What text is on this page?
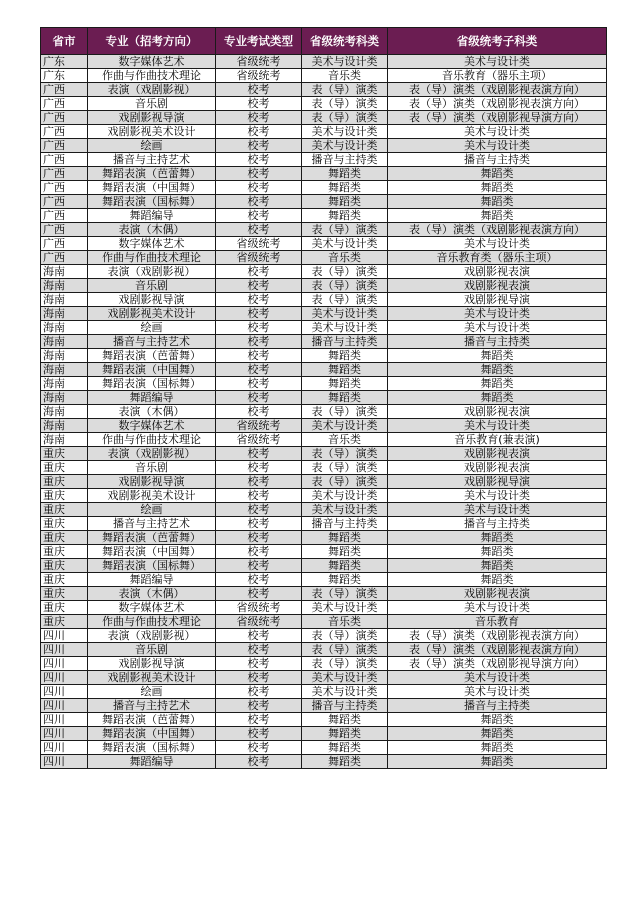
省市	专业（招考方向）	专业考试类型	省级统考科类	省级统考子科类
广东	数字媒体艺术	省级统考	美术与设计类	美术与设计类
广东	作曲与作曲技术理论	省级统考	音乐类	音乐教育（器乐主项）
广西	表演（戏剧影视）	校考	表（导）演类	表（导）演类（戏剧影视表演方向）
广西	音乐剧	校考	表（导）演类	表（导）演类（戏剧影视表演方向）
广西	戏剧影视导演	校考	表（导）演类	表（导）演类（戏剧影视导演方向）
广西	戏剧影视美术设计	校考	美术与设计类	美术与设计类
广西	绘画	校考	美术与设计类	美术与设计类
广西	播音与主持艺术	校考	播音与主持类	播音与主持类
广西	舞蹈表演（芭蕾舞）	校考	舞蹈类	舞蹈类
广西	舞蹈表演（中国舞）	校考	舞蹈类	舞蹈类
广西	舞蹈表演（国标舞）	校考	舞蹈类	舞蹈类
广西	舞蹈编导	校考	舞蹈类	舞蹈类
广西	表演（木偶）	校考	表（导）演类	表（导）演类（戏剧影视表演方向）
广西	数字媒体艺术	省级统考	美术与设计类	美术与设计类
广西	作曲与作曲技术理论	省级统考	音乐类	音乐教育类（器乐主项）
海南	表演（戏剧影视）	校考	表（导）演类	戏剧影视表演
海南	音乐剧	校考	表（导）演类	戏剧影视表演
海南	戏剧影视导演	校考	表（导）演类	戏剧影视导演
海南	戏剧影视美术设计	校考	美术与设计类	美术与设计类
海南	绘画	校考	美术与设计类	美术与设计类
海南	播音与主持艺术	校考	播音与主持类	播音与主持类
海南	舞蹈表演（芭蕾舞）	校考	舞蹈类	舞蹈类
海南	舞蹈表演（中国舞）	校考	舞蹈类	舞蹈类
海南	舞蹈表演（国标舞）	校考	舞蹈类	舞蹈类
海南	舞蹈编导	校考	舞蹈类	舞蹈类
海南	表演（木偶）	校考	表（导）演类	戏剧影视表演
海南	数字媒体艺术	省级统考	美术与设计类	美术与设计类
海南	作曲与作曲技术理论	省级统考	音乐类	音乐教育(兼表演)
重庆	表演（戏剧影视）	校考	表（导）演类	戏剧影视表演
重庆	音乐剧	校考	表（导）演类	戏剧影视表演
重庆	戏剧影视导演	校考	表（导）演类	戏剧影视导演
重庆	戏剧影视美术设计	校考	美术与设计类	美术与设计类
重庆	绘画	校考	美术与设计类	美术与设计类
重庆	播音与主持艺术	校考	播音与主持类	播音与主持类
重庆	舞蹈表演（芭蕾舞）	校考	舞蹈类	舞蹈类
重庆	舞蹈表演（中国舞）	校考	舞蹈类	舞蹈类
重庆	舞蹈表演（国标舞）	校考	舞蹈类	舞蹈类
重庆	舞蹈编导	校考	舞蹈类	舞蹈类
重庆	表演（木偶）	校考	表（导）演类	戏剧影视表演
重庆	数字媒体艺术	省级统考	美术与设计类	美术与设计类
重庆	作曲与作曲技术理论	省级统考	音乐类	音乐教育
四川	表演（戏剧影视）	校考	表（导）演类	表（导）演类（戏剧影视表演方向）
四川	音乐剧	校考	表（导）演类	表（导）演类（戏剧影视表演方向）
四川	戏剧影视导演	校考	表（导）演类	表（导）演类（戏剧影视导演方向）
四川	戏剧影视美术设计	校考	美术与设计类	美术与设计类
四川	绘画	校考	美术与设计类	美术与设计类
四川	播音与主持艺术	校考	播音与主持类	播音与主持类
四川	舞蹈表演（芭蕾舞）	校考	舞蹈类	舞蹈类
四川	舞蹈表演（中国舞）	校考	舞蹈类	舞蹈类
四川	舞蹈表演（国标舞）	校考	舞蹈类	舞蹈类
四川	舞蹈编导	校考	舞蹈类	舞蹈类
